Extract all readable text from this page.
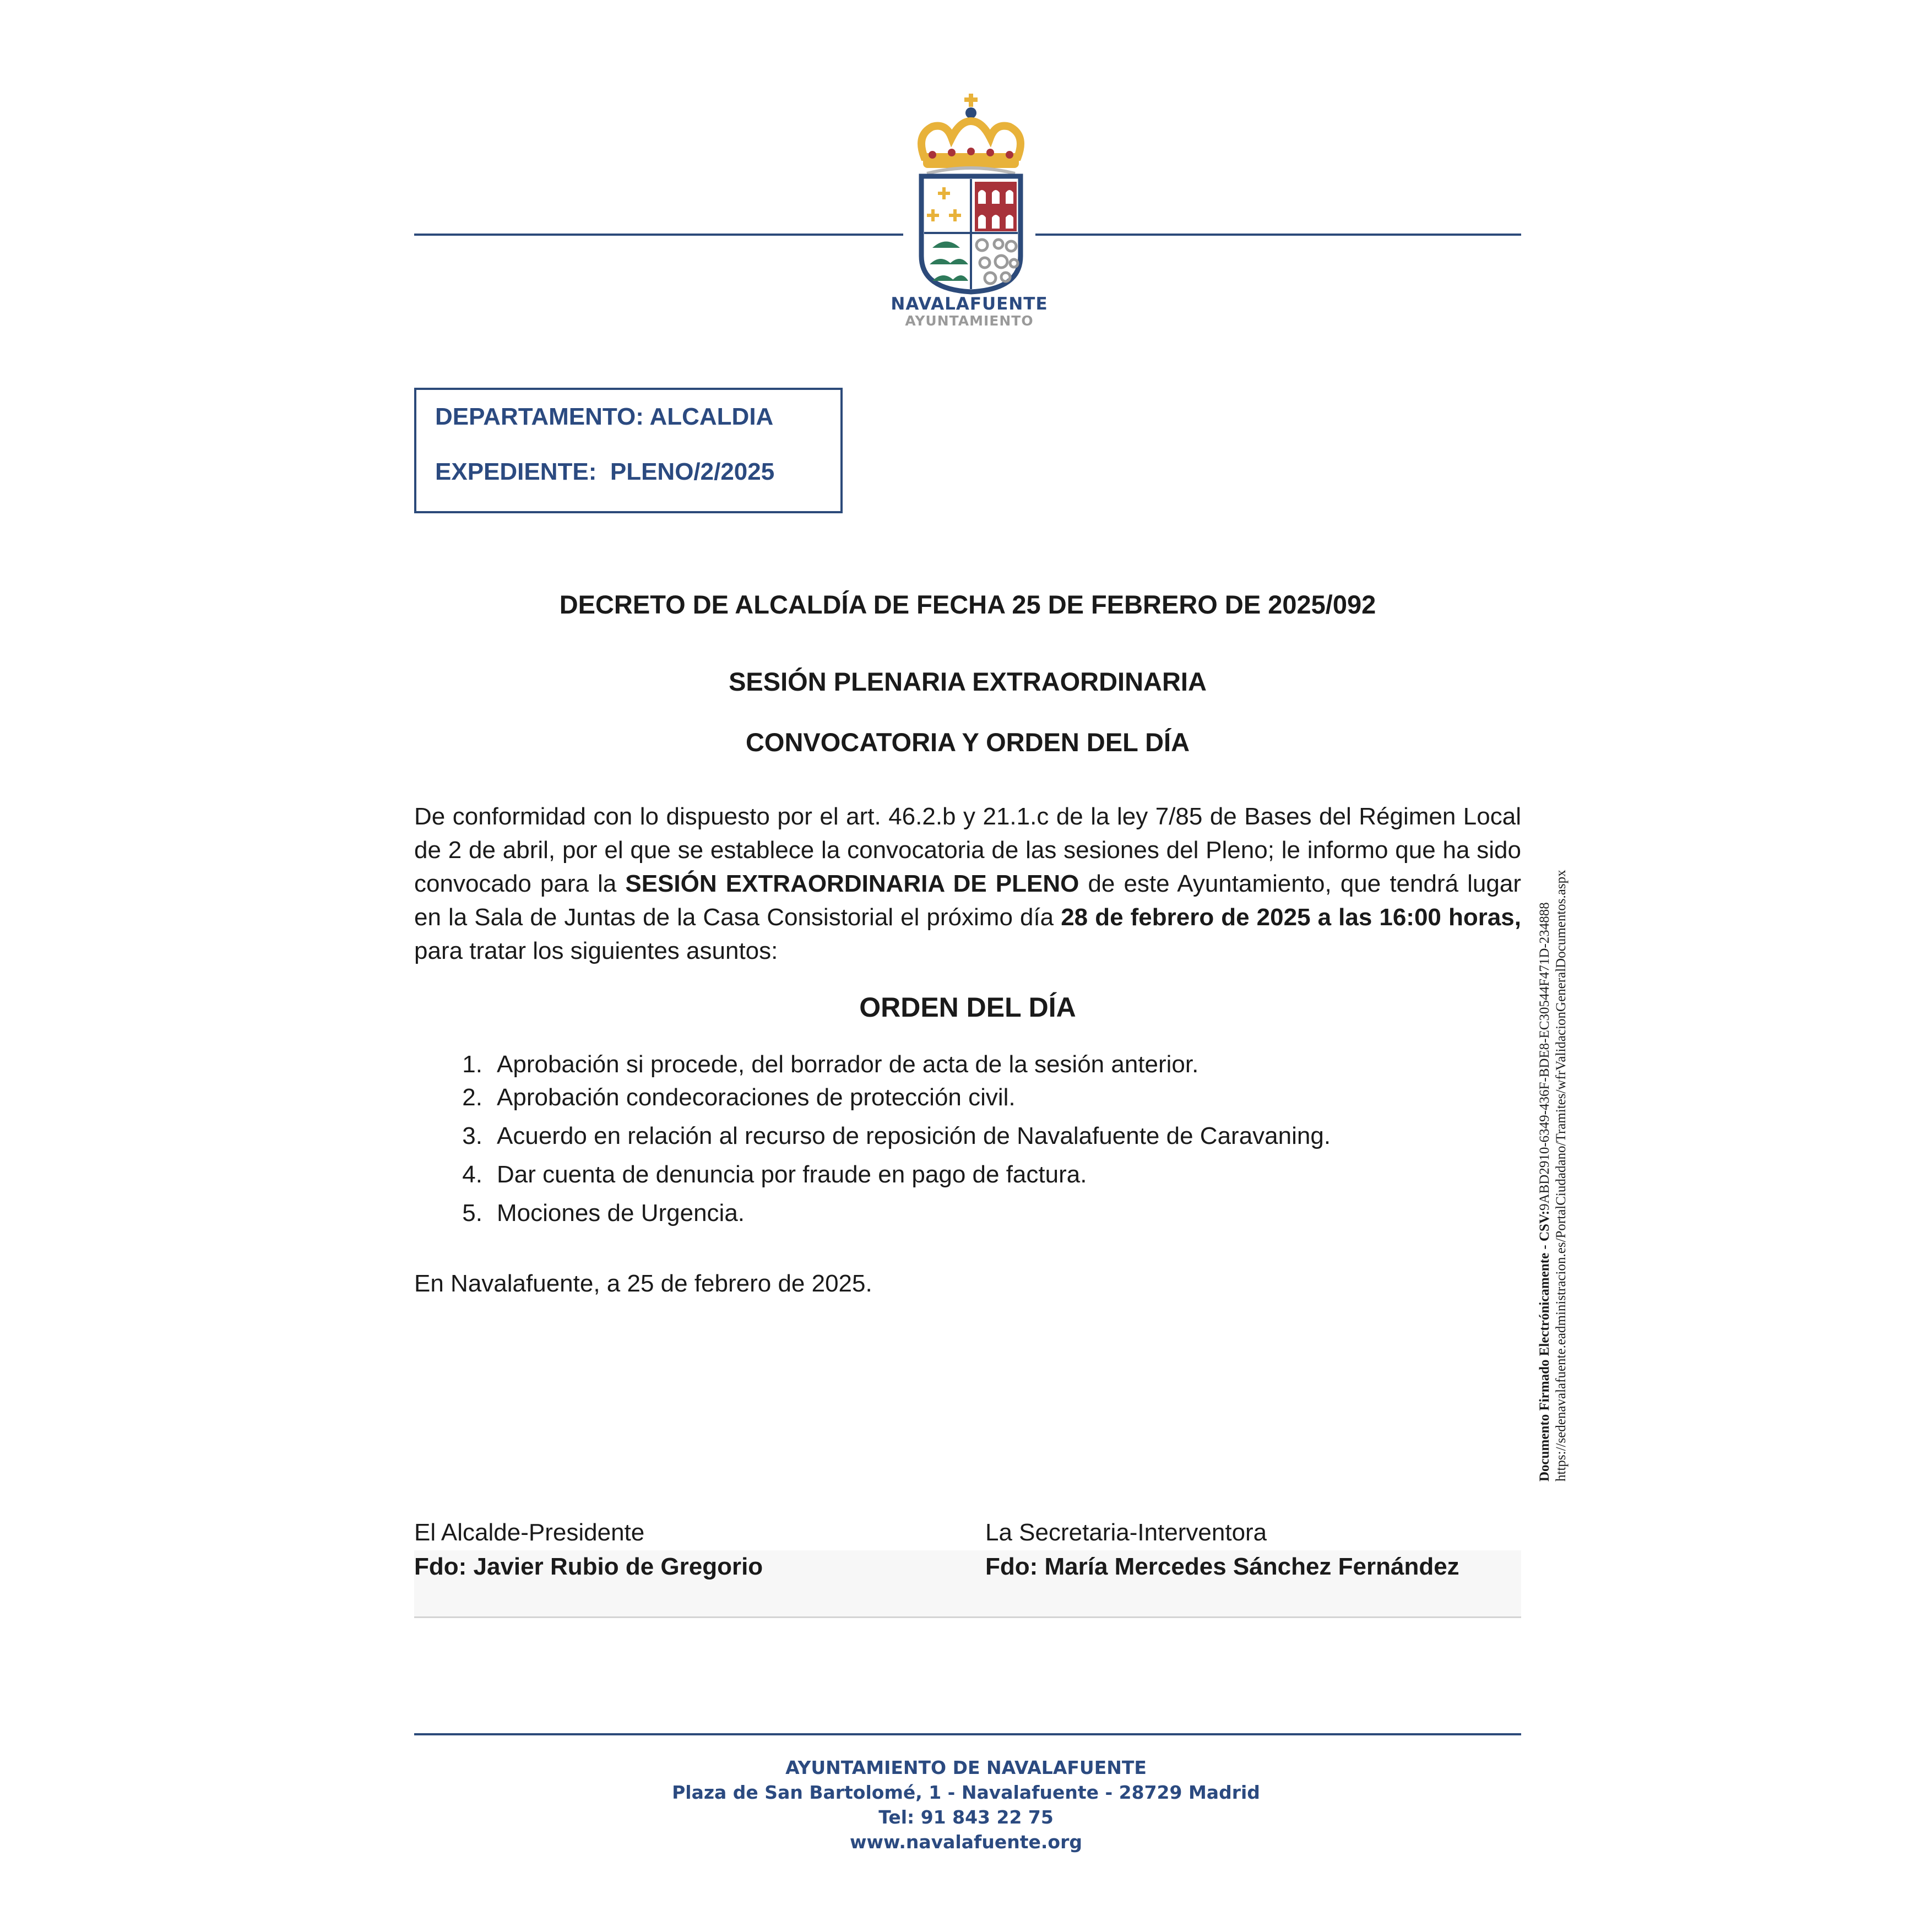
NAVALAFUENTE
AYUNTAMIENTO
DEPARTAMENTO: ALCALDIA
EXPEDIENTE:  PLENO/2/2025
DECRETO DE ALCALDÍA DE FECHA 25 DE FEBRERO DE 2025/092
SESIÓN PLENARIA EXTRAORDINARIA
CONVOCATORIA Y ORDEN DEL DÍA
De conformidad con lo dispuesto por el art. 46.2.b y 21.1.c de la ley 7/85 de Bases del Régimen Local de 2 de abril, por el que se establece la convocatoria de las sesiones del Pleno; le informo que ha sido convocado para la SESIÓN EXTRAORDINARIA DE PLENO de este Ayuntamiento, que tendrá lugar en la Sala de Juntas de la Casa Consistorial el próximo día 28 de febrero de 2025 a las 16:00 horas, para tratar los siguientes asuntos:
ORDEN DEL DÍA
1. Aprobación si procede, del borrador de acta de la sesión anterior.
2. Aprobación condecoraciones de protección civil.
3. Acuerdo en relación al recurso de reposición de Navalafuente de Caravaning.
4. Dar cuenta de denuncia por fraude en pago de factura.
5. Mociones de Urgencia.
En Navalafuente, a 25 de febrero de 2025.
El Alcalde-Presidente
Fdo: Javier Rubio de Gregorio
La Secretaria-Interventora
Fdo: María Mercedes Sánchez Fernández
AYUNTAMIENTO DE NAVALAFUENTE
Plaza de San Bartolomé, 1 - Navalafuente - 28729 Madrid
Tel: 91 843 22 75
www.navalafuente.org
Documento Firmado Electrónicamente - CSV:9ABD2910-6349-436F-BDE8-EC30544F471D-234888 https://sedenavalafuente.eadministracion.es/PortalCiudadano/Tramites/wfrValidacionGeneralDocumentos.aspx
